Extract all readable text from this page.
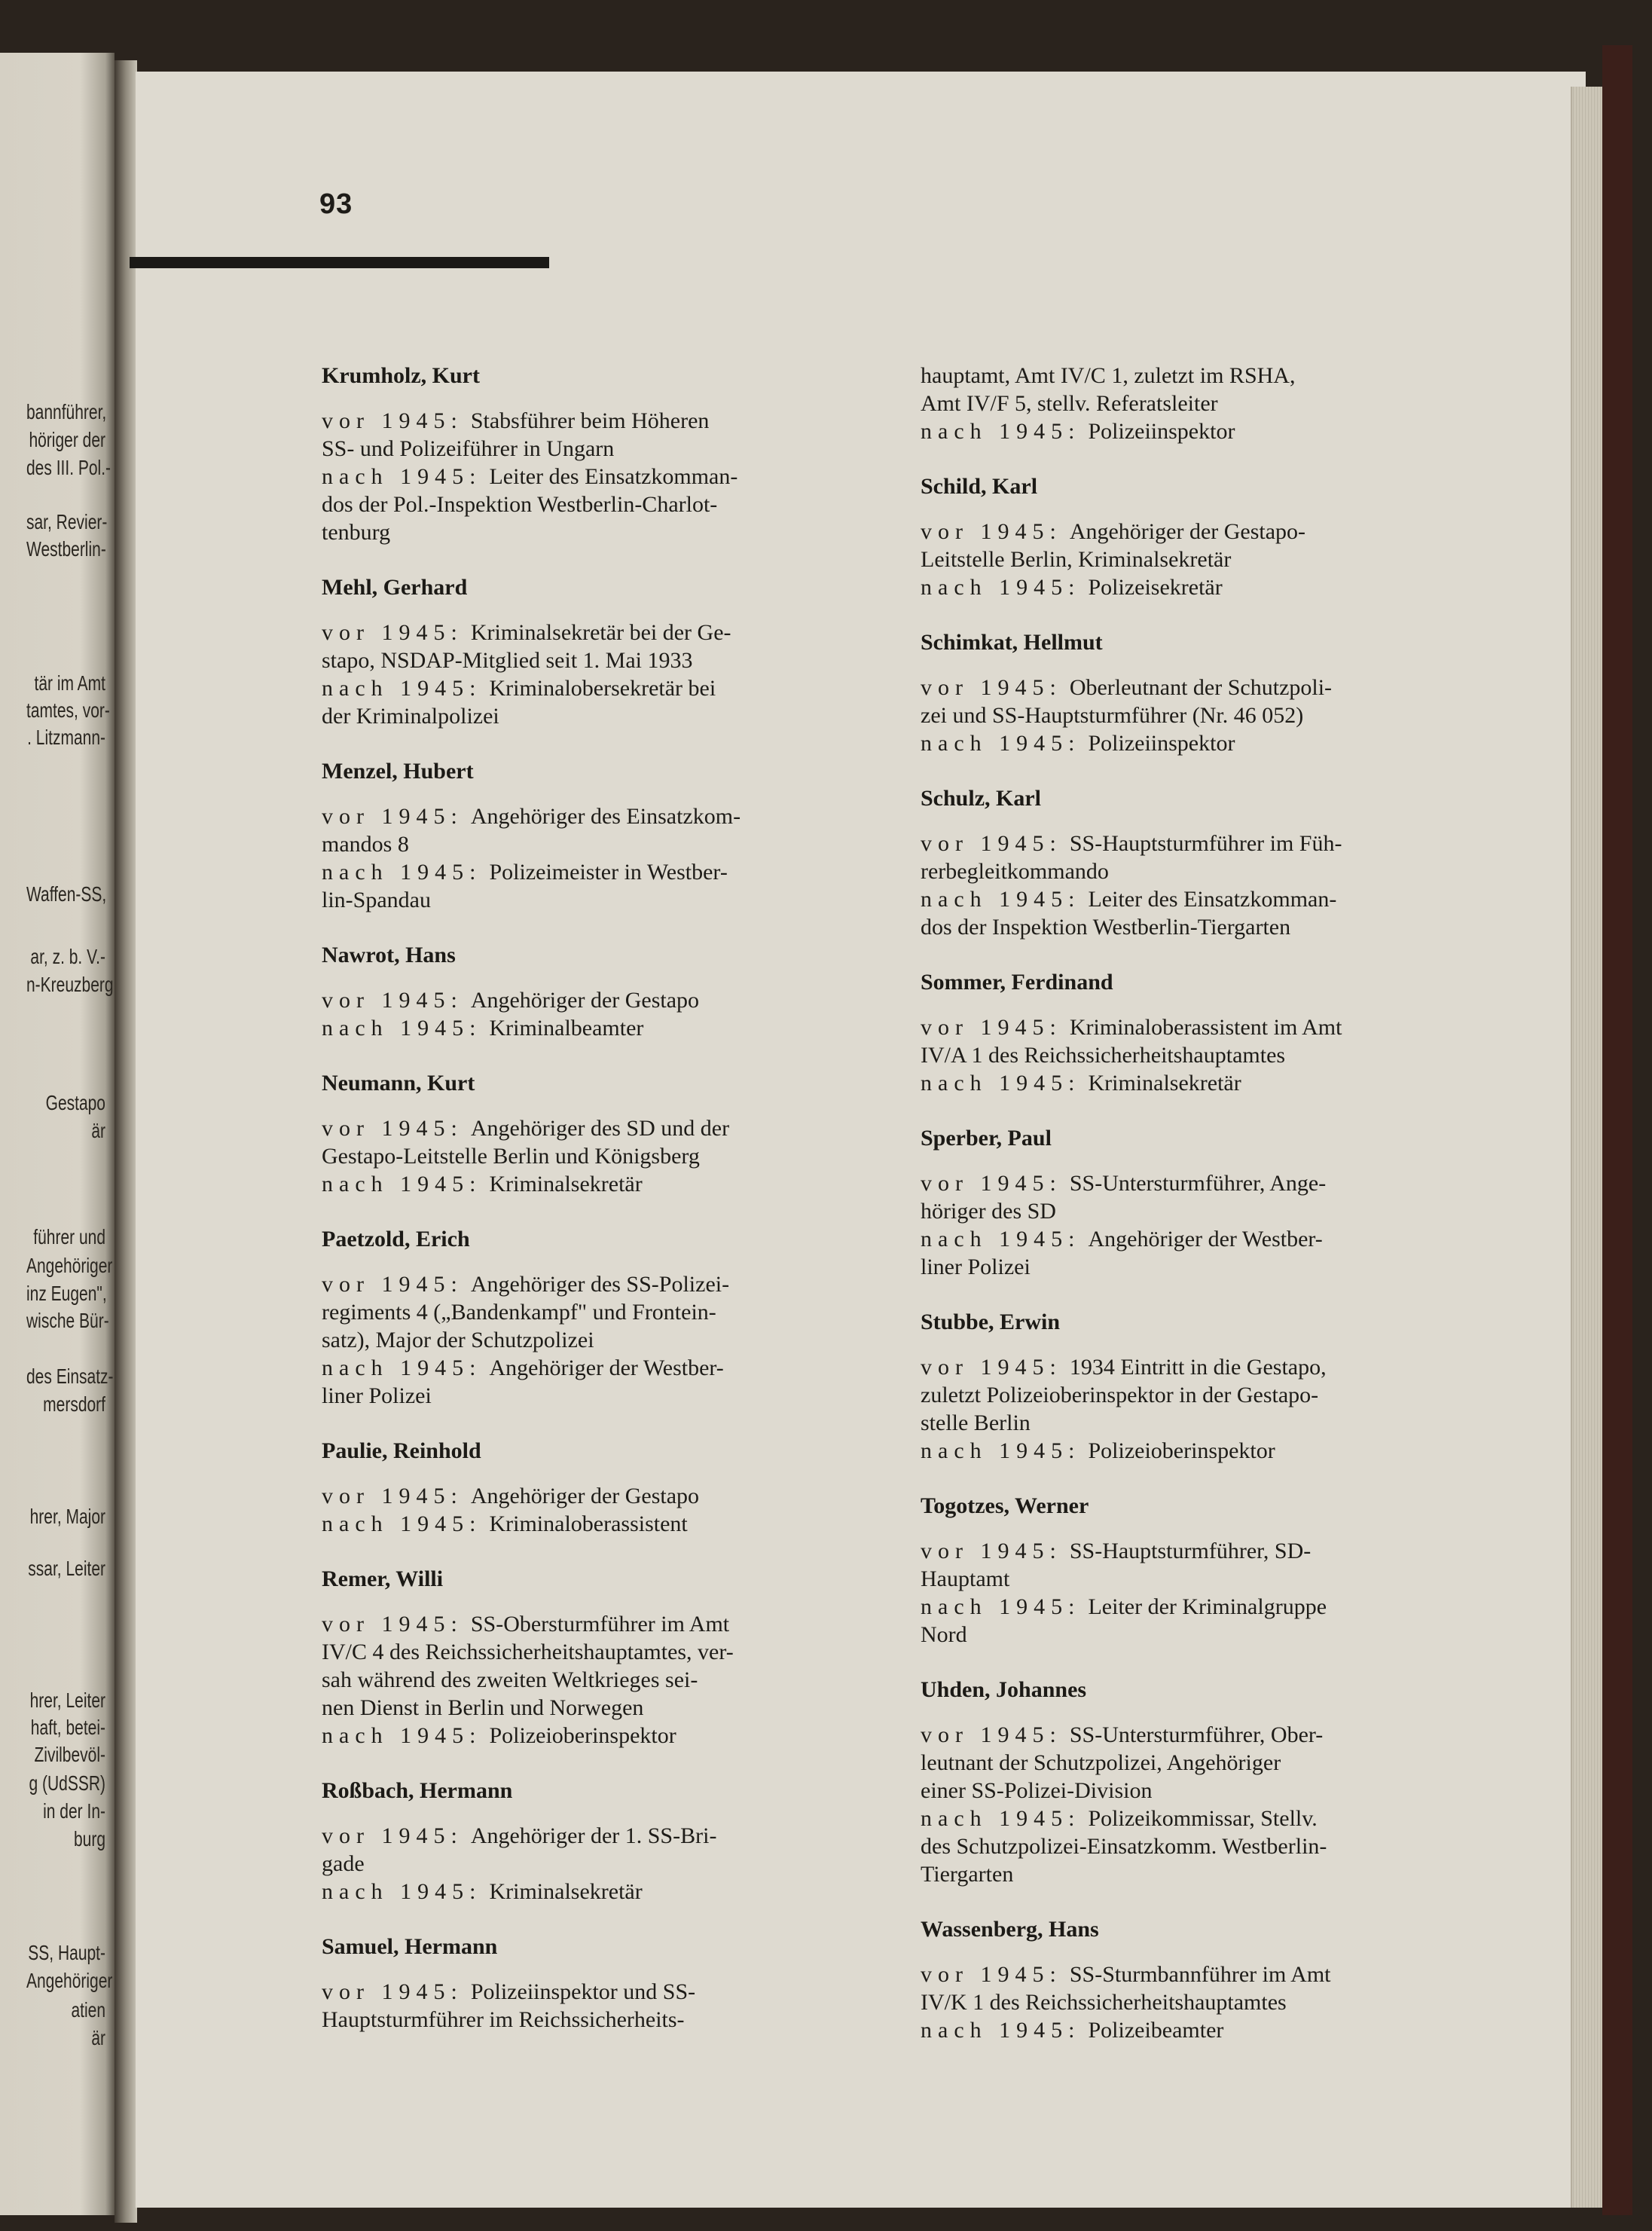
bannführer,
höriger der
des III. Pol.-
sar, Revier-
Westberlin-
tär im Amt
tamtes, vor-
. Litzmann-
Waffen-SS,
ar, z. b. V.-
n-Kreuzberg
Gestapo
är
führer und
Angehöriger
inz Eugen",
wische Bür-
des Einsatz-
mersdorf
hrer, Major
ssar, Leiter
hrer, Leiter
haft, betei-
Zivilbevöl-
g (UdSSR)
in der In-
burg
SS, Haupt-
Angehöriger
atien
är
93
Krumholz, Kurt
vor 1945: Stabsführer beim Höheren
SS- und Polizeiführer in Ungarn
nach 1945: Leiter des Einsatzkomman-
dos der Pol.-Inspektion Westberlin-Charlot-
tenburg
Mehl, Gerhard
vor 1945: Kriminalsekretär bei der Ge-
stapo, NSDAP-Mitglied seit 1. Mai 1933
nach 1945: Kriminalobersekretär bei
der Kriminalpolizei
Menzel, Hubert
vor 1945: Angehöriger des Einsatzkom-
mandos 8
nach 1945: Polizeimeister in Westber-
lin-Spandau
Nawrot, Hans
vor 1945: Angehöriger der Gestapo
nach 1945: Kriminalbeamter
Neumann, Kurt
vor 1945: Angehöriger des SD und der
Gestapo-Leitstelle Berlin und Königsberg
nach 1945: Kriminalsekretär
Paetzold, Erich
vor 1945: Angehöriger des SS-Polizei-
regiments 4 („Bandenkampf" und Frontein-
satz), Major der Schutzpolizei
nach 1945: Angehöriger der Westber-
liner Polizei
Paulie, Reinhold
vor 1945: Angehöriger der Gestapo
nach 1945: Kriminaloberassistent
Remer, Willi
vor 1945: SS-Obersturmführer im Amt
IV/C 4 des Reichssicherheitshauptamtes, ver-
sah während des zweiten Weltkrieges sei-
nen Dienst in Berlin und Norwegen
nach 1945: Polizeioberinspektor
Roßbach, Hermann
vor 1945: Angehöriger der 1. SS-Bri-
gade
nach 1945: Kriminalsekretär
Samuel, Hermann
vor 1945: Polizeiinspektor und SS-
Hauptsturmführer im Reichssicherheits-
hauptamt, Amt IV/C 1, zuletzt im RSHA,
Amt IV/F 5, stellv. Referatsleiter
nach 1945: Polizeiinspektor
Schild, Karl
vor 1945: Angehöriger der Gestapo-
Leitstelle Berlin, Kriminalsekretär
nach 1945: Polizeisekretär
Schimkat, Hellmut
vor 1945: Oberleutnant der Schutzpoli-
zei und SS-Hauptsturmführer (Nr. 46 052)
nach 1945: Polizeiinspektor
Schulz, Karl
vor 1945: SS-Hauptsturmführer im Füh-
rerbegleitkommando
nach 1945: Leiter des Einsatzkomman-
dos der Inspektion Westberlin-Tiergarten
Sommer, Ferdinand
vor 1945: Kriminaloberassistent im Amt
IV/A 1 des Reichssicherheitshauptamtes
nach 1945: Kriminalsekretär
Sperber, Paul
vor 1945: SS-Untersturmführer, Ange-
höriger des SD
nach 1945: Angehöriger der Westber-
liner Polizei
Stubbe, Erwin
vor 1945: 1934 Eintritt in die Gestapo,
zuletzt Polizeioberinspektor in der Gestapo-
stelle Berlin
nach 1945: Polizeioberinspektor
Togotzes, Werner
vor 1945: SS-Hauptsturmführer, SD-
Hauptamt
nach 1945: Leiter der Kriminalgruppe
Nord
Uhden, Johannes
vor 1945: SS-Untersturmführer, Ober-
leutnant der Schutzpolizei, Angehöriger
einer SS-Polizei-Division
nach 1945: Polizeikommissar, Stellv.
des Schutzpolizei-Einsatzkomm. Westberlin-
Tiergarten
Wassenberg, Hans
vor 1945: SS-Sturmbannführer im Amt
IV/K 1 des Reichssicherheitshauptamtes
nach 1945: Polizeibeamter
